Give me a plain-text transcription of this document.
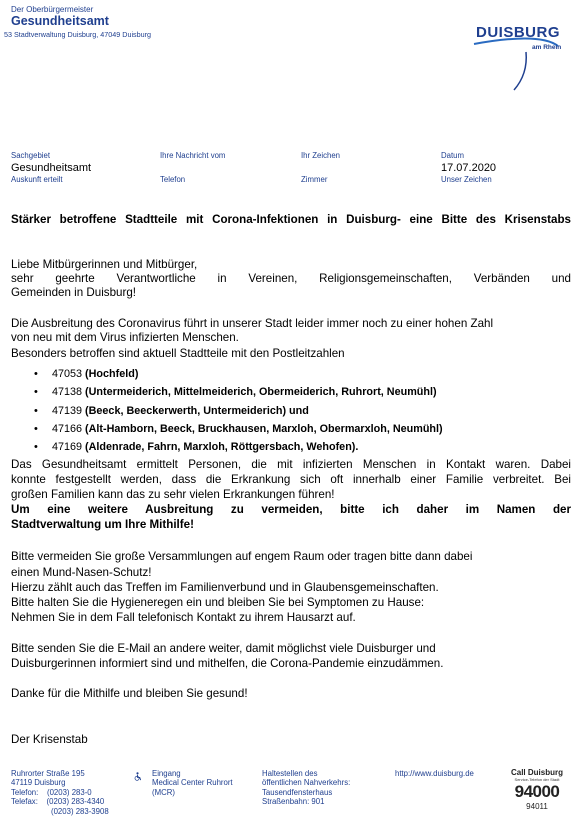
Der Oberbürgermeister
Gesundheitsamt
53 Stadtverwaltung Duisburg, 47049 Duisburg	DUISBURG
am Rhein
Sachgebiet
Gesundheitsamt
Auskunft erteilt
Ihre Nachricht vom
Telefon
Ihr Zeichen
Zimmer
Datum
17.07.2020
Unser Zeichen
Stärker betroffene Stadtteile mit Corona-Infektionen in Duisburg- eine Bitte des Krisenstabs
Liebe Mitbürgerinnen und Mitbürger,
sehr geehrte Verantwortliche in Vereinen, Religionsgemeinschaften, Verbänden und
Gemeinden in Duisburg!
Die Ausbreitung des Coronavirus führt in unserer Stadt leider immer noch zu einer hohen Zahl
von neu mit dem Virus infizierten Menschen.
Besonders betroffen sind aktuell Stadtteile mit den Postleitzahlen
• 47053 (Hochfeld)
• 47138 (Untermeiderich, Mittelmeiderich, Obermeiderich, Ruhrort, Neumühl)
• 47139 (Beeck, Beeckerwerth, Untermeiderich) und
• 47166 (Alt-Hamborn, Beeck, Bruckhausen, Marxloh, Obermarxloh, Neumühl)
• 47169 (Aldenrade, Fahrn, Marxloh, Röttgersbach, Wehofen).
Das Gesundheitsamt ermittelt Personen, die mit infizierten Menschen in Kontakt waren. Dabei
konnte festgestellt werden, dass die Erkrankung sich oft innerhalb einer Familie verbreitet. Bei
großen Familien kann das zu sehr vielen Erkrankungen führen!
Um eine weitere Ausbreitung zu vermeiden, bitte ich daher im Namen der
Stadtverwaltung um Ihre Mithilfe!
Bitte vermeiden Sie große Versammlungen auf engem Raum oder tragen bitte dann dabei
einen Mund-Nasen-Schutz!
Hierzu zählt auch das Treffen im Familienverbund und in Glaubensgemeinschaften.
Bitte halten Sie die Hygieneregen ein und bleiben Sie bei Symptomen zu Hause:
Nehmen Sie in dem Fall telefonisch Kontakt zu ihrem Hausarzt auf.
Bitte senden Sie die E-Mail an andere weiter, damit möglichst viele Duisburger und
Duisburgerinnen informiert sind und mithelfen, die Corona-Pandemie einzudämmen.
Danke für die Mithilfe und bleiben Sie gesund!
Der Krisenstab
Ruhrorter Straße 195
47119 Duisburg
Telefon: (0203) 283-0
Telefax: (0203) 283-4340
(0203) 283-3908
Eingang
Medical Center Ruhrort
(MCR)
Haltestellen des
öffentlichen Nahverkehrs:
Tausendfensterhaus
Straßenbahn: 901
http://www.duisburg.de	Call Duisburg
Service-Telefon der Stadt
94000
94011
